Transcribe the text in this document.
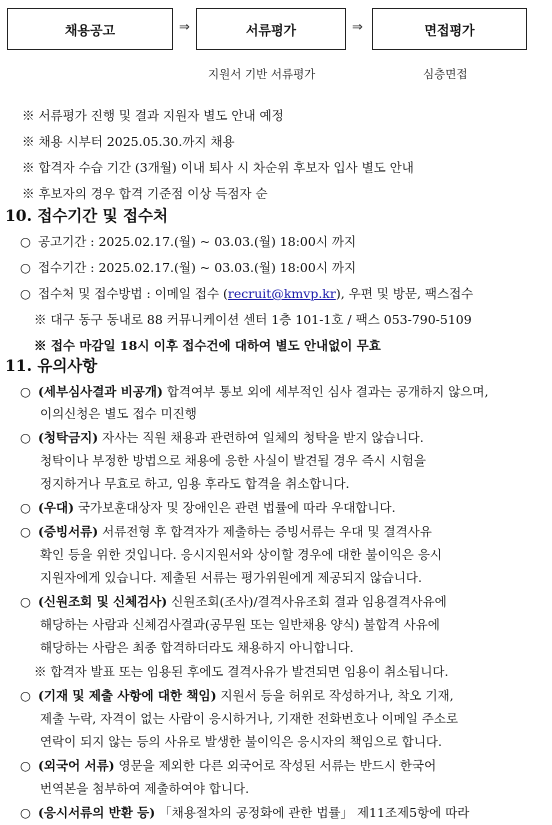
채용공고	⇒	서류평가	⇒	면접평가
지원서 기반 서류평가	심층면접
※ 서류평가 진행 및 결과 지원자 별도 안내 예정
※ 채용 시부터 2025.05.30.까지 채용
※ 합격자 수습 기간 (3개월) 이내 퇴사 시 차순위 후보자 입사 별도 안내
※ 후보자의 경우 합격 기준점 이상 득점자 순
10. 접수기간 및 접수처
○ 공고기간 : 2025.02.17.(월) ~ 03.03.(월) 18:00시 까지
○ 접수기간 : 2025.02.17.(월) ~ 03.03.(월) 18:00시 까지
○ 접수처 및 접수방법 : 이메일 접수 (recruit@kmvp.kr), 우편 및 방문, 팩스접수
※ 대구 동구 동내로 88 커뮤니케이션 센터 1층 101-1호 / 팩스 053-790-5109
※ 접수 마감일 18시 이후 접수건에 대하여 별도 안내없이 무효
11. 유의사항
○ (세부심사결과 비공개) 합격여부 통보 외에 세부적인 심사 결과는 공개하지 않으며,
이의신청은 별도 접수 미진행
○ (청탁금지) 자사는 직원 채용과 관련하여 일체의 청탁을 받지 않습니다.
청탁이나 부정한 방법으로 채용에 응한 사실이 발견될 경우 즉시 시험을
정지하거나 무효로 하고, 임용 후라도 합격을 취소합니다.
○ (우대) 국가보훈대상자 및 장애인은 관련 법률에 따라 우대합니다.
○ (증빙서류) 서류전형 후 합격자가 제출하는 증빙서류는 우대 및 결격사유
확인 등을 위한 것입니다. 응시지원서와 상이할 경우에 대한 불이익은 응시
지원자에게 있습니다. 제출된 서류는 평가위원에게 제공되지 않습니다.
○ (신원조회 및 신체검사) 신원조회(조사)/결격사유조회 결과 임용결격사유에
해당하는 사람과 신체검사결과(공무원 또는 일반채용 양식) 불합격 사유에
해당하는 사람은 최종 합격하더라도 채용하지 아니합니다.
※ 합격자 발표 또는 임용된 후에도 결격사유가 발견되면 임용이 취소됩니다.
○ (기재 및 제출 사항에 대한 책임) 지원서 등을 허위로 작성하거나, 착오 기재,
제출 누락, 자격이 없는 사람이 응시하거나, 기재한 전화번호나 이메일 주소로
연락이 되지 않는 등의 사유로 발생한 불이익은 응시자의 책임으로 합니다.
○ (외국어 서류) 영문을 제외한 다른 외국어로 작성된 서류는 반드시 한국어
번역본을 첨부하여 제출하여야 합니다.
○ (응시서류의 반환 등) 「채용절차의 공정화에 관한 법률」 제11조제5항에 따라
